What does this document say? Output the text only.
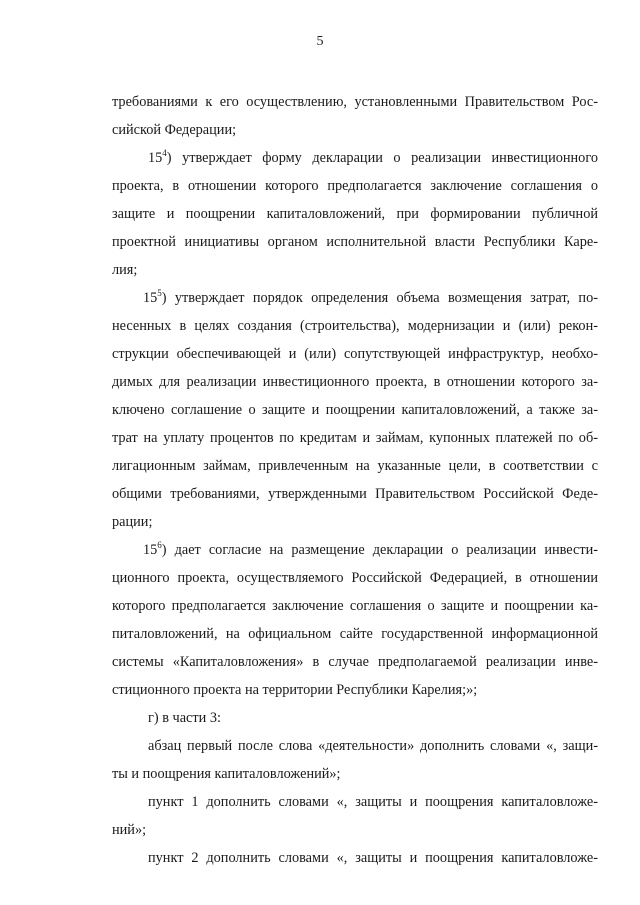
5
требованиями к его осуществлению, установленными Правительством Рос-
сийской Федерации;
$15^4$) утверждает форму декларации о реализации инвестиционного
проекта, в отношении которого предполагается заключение соглашения о
защите и поощрении капиталовложений, при формировании публичной
проектной инициативы органом исполнительной власти Республики Каре-
лия;
$15^5$) утверждает порядок определения объема возмещения затрат, по-
несенных в целях создания (строительства), модернизации и (или) рекон-
струкции обеспечивающей и (или) сопутствующей инфраструктур, необхо-
димых для реализации инвестиционного проекта, в отношении которого за-
ключено соглашение о защите и поощрении капиталовложений, а также за-
трат на уплату процентов по кредитам и займам, купонных платежей по об-
лигационным займам, привлеченным на указанные цели, в соответствии с
общими требованиями, утвержденными Правительством Российской Феде-
рации;
$15^6$) дает согласие на размещение декларации о реализации инвести-
ционного проекта, осуществляемого Российской Федерацией, в отношении
которого предполагается заключение соглашения о защите и поощрении ка-
питаловложений, на официальном сайте государственной информационной
системы «Капиталовложения» в случае предполагаемой реализации инве-
стиционного проекта на территории Республики Карелия;»;
г) в части 3:
абзац первый после слова «деятельности» дополнить словами «, защи-
ты и поощрения капиталовложений»;
пункт 1 дополнить словами «, защиты и поощрения капиталовложе-
ний»;
пункт 2 дополнить словами «, защиты и поощрения капиталовложе-
